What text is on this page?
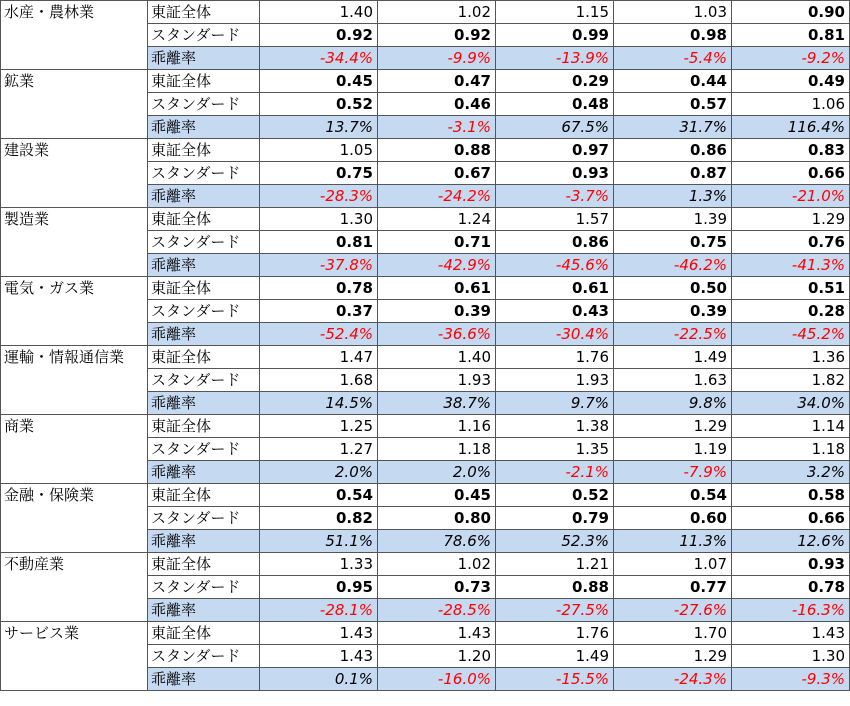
水産・農林業	東証全体	1.40	1.02	1.15	1.03	0.90
	スタンダード	0.92	0.92	0.99	0.98	0.81
	乖離率	-34.4%	-9.9%	-13.9%	-5.4%	-9.2%
鉱業	東証全体	0.45	0.47	0.29	0.44	0.49
	スタンダード	0.52	0.46	0.48	0.57	1.06
	乖離率	13.7%	-3.1%	67.5%	31.7%	116.4%
建設業	東証全体	1.05	0.88	0.97	0.86	0.83
	スタンダード	0.75	0.67	0.93	0.87	0.66
	乖離率	-28.3%	-24.2%	-3.7%	1.3%	-21.0%
製造業	東証全体	1.30	1.24	1.57	1.39	1.29
	スタンダード	0.81	0.71	0.86	0.75	0.76
	乖離率	-37.8%	-42.9%	-45.6%	-46.2%	-41.3%
電気・ガス業	東証全体	0.78	0.61	0.61	0.50	0.51
	スタンダード	0.37	0.39	0.43	0.39	0.28
	乖離率	-52.4%	-36.6%	-30.4%	-22.5%	-45.2%
運輸・情報通信業	東証全体	1.47	1.40	1.76	1.49	1.36
	スタンダード	1.68	1.93	1.93	1.63	1.82
	乖離率	14.5%	38.7%	9.7%	9.8%	34.0%
商業	東証全体	1.25	1.16	1.38	1.29	1.14
	スタンダード	1.27	1.18	1.35	1.19	1.18
	乖離率	2.0%	2.0%	-2.1%	-7.9%	3.2%
金融・保険業	東証全体	0.54	0.45	0.52	0.54	0.58
	スタンダード	0.82	0.80	0.79	0.60	0.66
	乖離率	51.1%	78.6%	52.3%	11.3%	12.6%
不動産業	東証全体	1.33	1.02	1.21	1.07	0.93
	スタンダード	0.95	0.73	0.88	0.77	0.78
	乖離率	-28.1%	-28.5%	-27.5%	-27.6%	-16.3%
サービス業	東証全体	1.43	1.43	1.76	1.70	1.43
	スタンダード	1.43	1.20	1.49	1.29	1.30
	乖離率	0.1%	-16.0%	-15.5%	-24.3%	-9.3%
